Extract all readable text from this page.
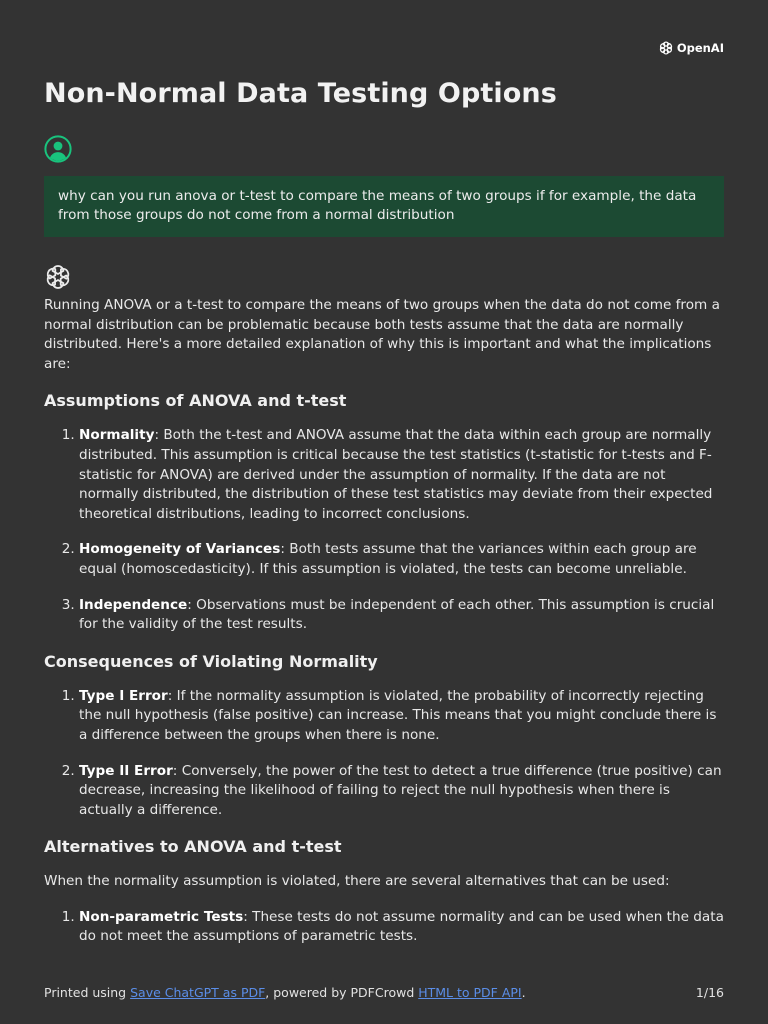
OpenAI
Non-Normal Data Testing Options
why can you run anova or t-test to compare the means of two groups if for example, the data from those groups do not come from a normal distribution

Running ANOVA or a t-test to compare the means of two groups when the data do not come from a normal distribution can be problematic because both tests assume that the data are normally distributed. Here's a more detailed explanation of why this is important and what the implications are:

Assumptions of ANOVA and t-test
1. Normality: Both the t-test and ANOVA assume that the data within each group are normally distributed. This assumption is critical because the test statistics (t-statistic for t-tests and F-statistic for ANOVA) are derived under the assumption of normality. If the data are not normally distributed, the distribution of these test statistics may deviate from their expected theoretical distributions, leading to incorrect conclusions.
2. Homogeneity of Variances: Both tests assume that the variances within each group are equal (homoscedasticity). If this assumption is violated, the tests can become unreliable.
3. Independence: Observations must be independent of each other. This assumption is crucial for the validity of the test results.
Consequences of Violating Normality
1. Type I Error: If the normality assumption is violated, the probability of incorrectly rejecting the null hypothesis (false positive) can increase. This means that you might conclude there is a difference between the groups when there is none.
2. Type II Error: Conversely, the power of the test to detect a true difference (true positive) can decrease, increasing the likelihood of failing to reject the null hypothesis when there is actually a difference.
Alternatives to ANOVA and t-test

When the normality assumption is violated, there are several alternatives that can be used:

1. Non-parametric Tests: These tests do not assume normality and can be used when the data do not meet the assumptions of parametric tests.
Printed using Save ChatGPT as PDF, powered by PDFCrowd HTML to PDF API.	1/16
